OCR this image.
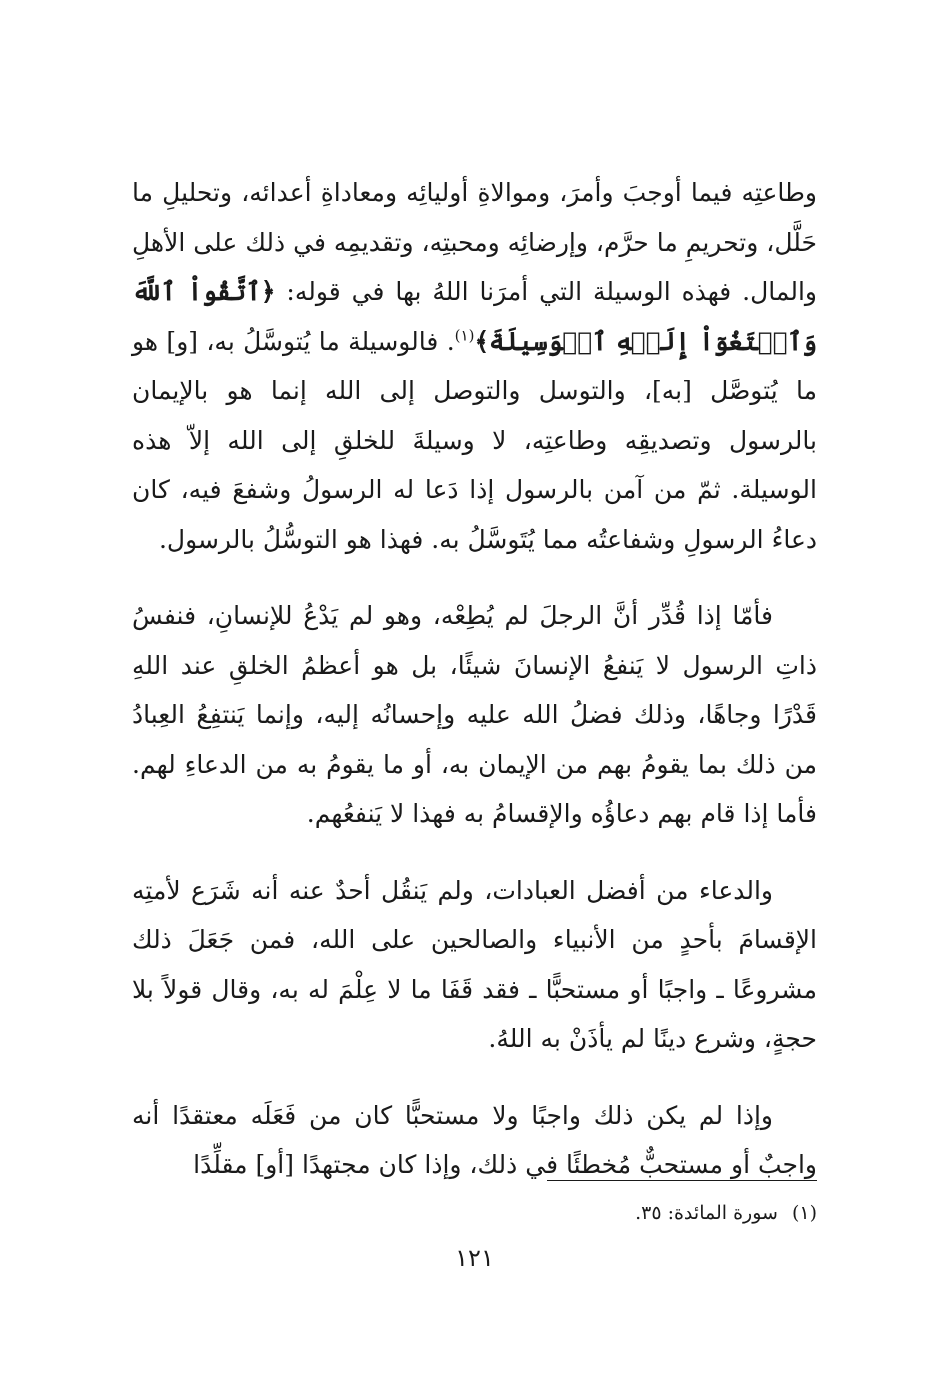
وطاعتِه فيما أوجبَ وأمرَ، وموالاةِ أوليائِه ومعاداةِ أعدائه، وتحليلِ ما حَلَّل، وتحريمِ ما حرَّم، وإرضائِه ومحبتِه، وتقديمِه في ذلك على الأهلِ والمال. فهذه الوسيلة التي أمرَنا اللهُ بها في قوله: ﴿ٱتَّقُواْ ٱللَّهَ وَٱبۡتَغُوٓاْ إِلَيۡهِ ٱلۡوَسِيلَةَ﴾$^{(١)}$. فالوسيلة ما يُتوسَّلُ به، [و] هو ما يُتوصَّل [به]، والتوسل والتوصل إلى الله إنما هو بالإيمان بالرسول وتصديقِه وطاعتِه، لا وسيلةَ للخلقِ إلى الله إلاّ هذه الوسيلة. ثمّ من آمن بالرسول إذا دَعا له الرسولُ وشفعَ فيه، كان دعاءُ الرسولِ وشفاعتُه مما يُتَوسَّلُ به. فهذا هو التوسُّلُ بالرسول.

فأمّا إذا قُدِّر أنَّ الرجلَ لم يُطِعْه، وهو لم يَدْعُ للإنسانِ، فنفسُ ذاتِ الرسول لا يَنفعُ الإنسانَ شيئًا، بل هو أعظمُ الخلقِ عند اللهِ قَدْرًا وجاهًا، وذلك فضلُ الله عليه وإحسانُه إليه، وإنما يَنتفِعُ العِبادُ من ذلك بما يقومُ بهم من الإيمان به، أو ما يقومُ به من الدعاءِ لهم. فأما إذا قام بهم دعاؤُه والإقسامُ به فهذا لا يَنفعُهم.

والدعاء من أفضل العبادات، ولم يَنقُل أحدٌ عنه أنه شَرَع لأمتِه الإقسامَ بأحدٍ من الأنبياء والصالحين على الله، فمن جَعَلَ ذلك مشروعًا ـ واجبًا أو مستحبًّا ـ فقد قَفَا ما لا عِلْمَ له به، وقال قولاً بلا حجةٍ، وشرع دينًا لم يأذَنْ به اللهُ.

وإذا لم يكن ذلك واجبًا ولا مستحبًّا كان من فَعَلَه معتقدًا أنه واجبٌ أو مستحبٌّ مُخطئًا في ذلك، وإذا كان مجتهدًا [أو] مقلِّدًا

(١)سورة المائدة: ٣٥.
١٢١
